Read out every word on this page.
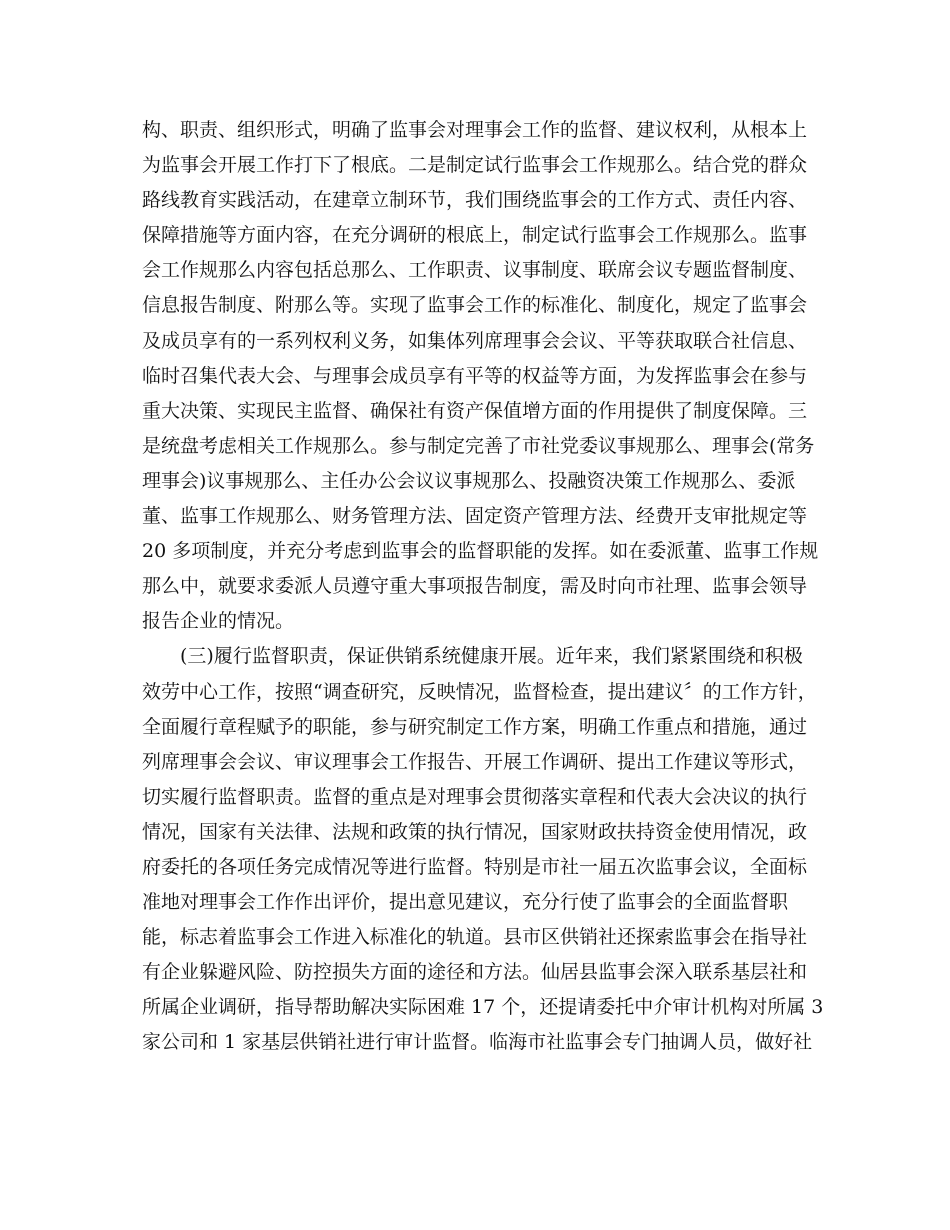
构、职责、组织形式，明确了监事会对理事会工作的监督、建议权利，从根本上
为监事会开展工作打下了根底。二是制定试行监事会工作规那么。结合党的群众
路线教育实践活动，在建章立制环节，我们围绕监事会的工作方式、责任内容、
保障措施等方面内容，在充分调研的根底上，制定试行监事会工作规那么。监事
会工作规那么内容包括总那么、工作职责、议事制度、联席会议专题监督制度、
信息报告制度、附那么等。实现了监事会工作的标准化、制度化，规定了监事会
及成员享有的一系列权利义务，如集体列席理事会会议、平等获取联合社信息、
临时召集代表大会、与理事会成员享有平等的权益等方面，为发挥监事会在参与
重大决策、实现民主监督、确保社有资产保值增方面的作用提供了制度保障。三
是统盘考虑相关工作规那么。参与制定完善了市社党委议事规那么、理事会(常务
理事会)议事规那么、主任办公会议议事规那么、投融资决策工作规那么、委派
董、监事工作规那么、财务管理方法、固定资产管理方法、经费开支审批规定等
20 多项制度，并充分考虑到监事会的监督职能的发挥。如在委派董、监事工作规
那么中，就要求委派人员遵守重大事项报告制度，需及时向市社理、监事会领导
报告企业的情况。

(三)履行监督职责，保证供销系统健康开展。近年来，我们紧紧围绕和积极
效劳中心工作，按照“调查研究，反映情况，监督检查，提出建议〞的工作方针，
全面履行章程赋予的职能，参与研究制定工作方案，明确工作重点和措施，通过
列席理事会会议、审议理事会工作报告、开展工作调研、提出工作建议等形式，
切实履行监督职责。监督的重点是对理事会贯彻落实章程和代表大会决议的执行
情况，国家有关法律、法规和政策的执行情况，国家财政扶持资金使用情况，政
府委托的各项任务完成情况等进行监督。特别是市社一届五次监事会议，全面标
准地对理事会工作作出评价，提出意见建议，充分行使了监事会的全面监督职
能，标志着监事会工作进入标准化的轨道。县市区供销社还探索监事会在指导社
有企业躲避风险、防控损失方面的途径和方法。仙居县监事会深入联系基层社和
所属企业调研，指导帮助解决实际困难 17 个，还提请委托中介审计机构对所属 3
家公司和 1 家基层供销社进行审计监督。临海市社监事会专门抽调人员，做好社
